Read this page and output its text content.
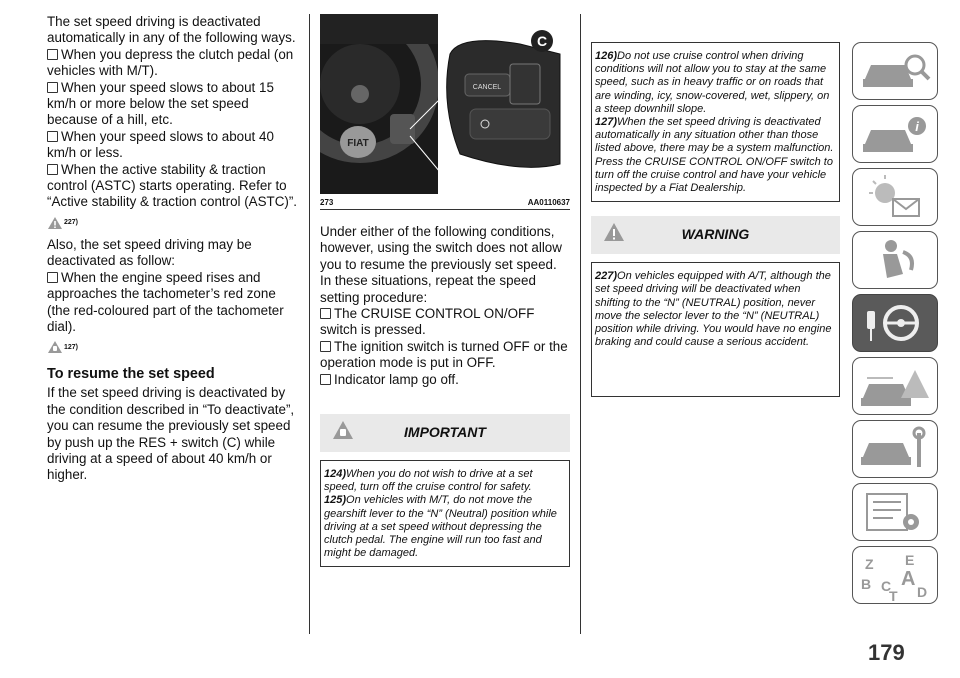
The set speed driving is deactivated automatically in any of the following ways.

When you depress the clutch pedal (on vehicles with M/T).
When your speed slows to about 15 km/h or more below the set speed because of a hill, etc.
When your speed slows to about 40 km/h or less.
When the active stability & traction control (ASTC) starts operating. Refer to “Active stability & traction control (ASTC)”.
227)

Also, the set speed driving may be deactivated as follow:

When the engine speed rises and approaches the tachometer’s red zone (the red-coloured part of the tachometer dial).
127)
To resume the set speed

If the set speed driving is deactivated by the condition described in “To deactivate”, you can resume the previously set speed by push up the RES + switch (C) while driving at a speed of about 40 km/h or higher.

FIAT
CANCEL
C
273	AA0110637

Under either of the following conditions, however, using the switch does not allow you to resume the previously set speed. In these situations, repeat the speed setting procedure:

The CRUISE CONTROL ON/OFF switch is pressed.
The ignition switch is turned OFF or the operation mode is put in OFF.
Indicator lamp go off.
IMPORTANT

124)When you do not wish to drive at a set speed, turn off the cruise control for safety.

125)On vehicles with M/T, do not move the gearshift lever to the “N” (Neutral) position while driving at a set speed without depressing the clutch pedal. The engine will run too fast and might be damaged.

126)Do not use cruise control when driving conditions will not allow you to stay at the same speed, such as in heavy traffic or on roads that are winding, icy, snow-covered, wet, slippery, on a steep downhill slope.

127)When the set speed driving is deactivated automatically in any situation other than those listed above, there may be a system malfunction. Press the CRUISE CONTROL ON/OFF switch to turn off the cruise control and have your vehicle inspected by a Fiat Dealership.

WARNING

227)On vehicles equipped with A/T, although the set speed driving will be deactivated when shifting to the “N” (NEUTRAL) position, never move the selector lever to the “N” (NEUTRAL) position while driving. You would have no engine braking and could cause a serious accident.

i
Z E
B A
C
T D
179
